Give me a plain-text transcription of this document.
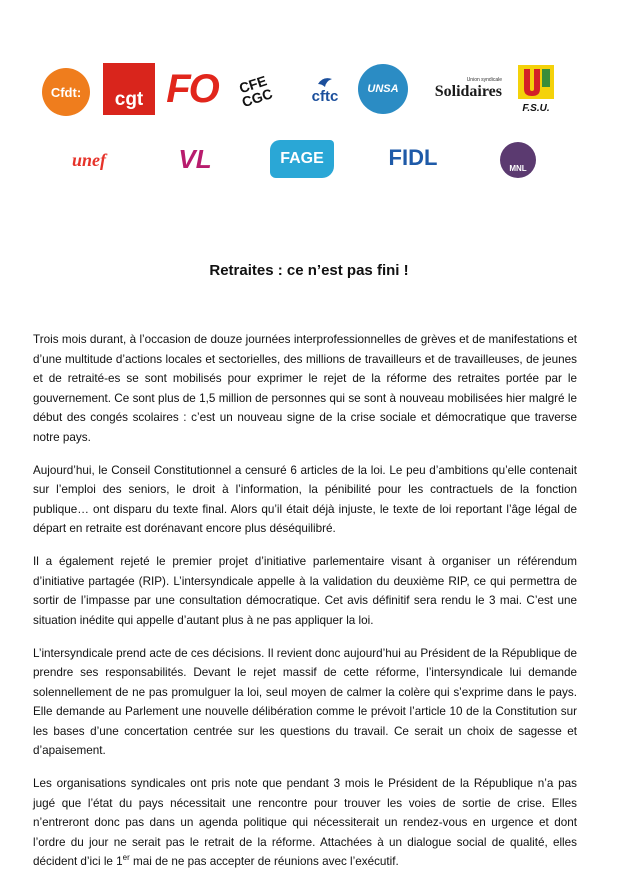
Cfdt: cgt FO	CFE CGC cftc	UNSA
Union syndicale
Solidaires
F.S.U.
unef	VL	FAGE	FIDL	MNL
Retraites : ce n’est pas fini !

Trois mois durant, à l’occasion de douze journées interprofessionnelles de grèves et de manifestations et d’une multitude d’actions locales et sectorielles, des millions de travailleurs et de travailleuses, de jeunes et de retraité-es se sont mobilisés pour exprimer le rejet de la réforme des retraites portée par le gouvernement. Ce sont plus de 1,5 million de personnes qui se sont à nouveau mobilisées hier malgré le début des congés scolaires : c’est un nouveau signe de la crise sociale et démocratique que traverse notre pays.

Aujourd’hui, le Conseil Constitutionnel a censuré 6 articles de la loi. Le peu d’ambitions qu’elle contenait sur l’emploi des seniors, le droit à l’information, la pénibilité pour les contractuels de la fonction publique… ont disparu du texte final. Alors qu’il était déjà injuste, le texte de loi reportant l’âge légal de départ en retraite est dorénavant encore plus déséquilibré.

Il a également rejeté le premier projet d’initiative parlementaire visant à organiser un référendum d’initiative partagée (RIP). L’intersyndicale appelle à la validation du deuxième RIP, ce qui permettra de sortir de l’impasse par une consultation démocratique. Cet avis définitif sera rendu le 3 mai. C’est une situation inédite qui appelle d’autant plus à ne pas appliquer la loi.

L’intersyndicale prend acte de ces décisions. Il revient donc aujourd’hui au Président de la République de prendre ses responsabilités. Devant le rejet massif de cette réforme, l’intersyndicale lui demande solennellement de ne pas promulguer la loi, seul moyen de calmer la colère qui s’exprime dans le pays. Elle demande au Parlement une nouvelle délibération comme le prévoit l’article 10 de la Constitution sur les bases d’une concertation centrée sur les questions du travail. Ce serait un choix de sagesse et d’apaisement.

Les organisations syndicales ont pris note que pendant 3 mois le Président de la République n’a pas jugé que l’état du pays nécessitait une rencontre pour trouver les voies de sortie de crise. Elles n’entreront donc pas dans un agenda politique qui nécessiterait un rendez-vous en urgence et dont l’ordre du jour ne serait pas le retrait de la réforme. Attachées à un dialogue social de qualité, elles décident d’ici le 1er mai de ne pas accepter de réunions avec l’exécutif.
